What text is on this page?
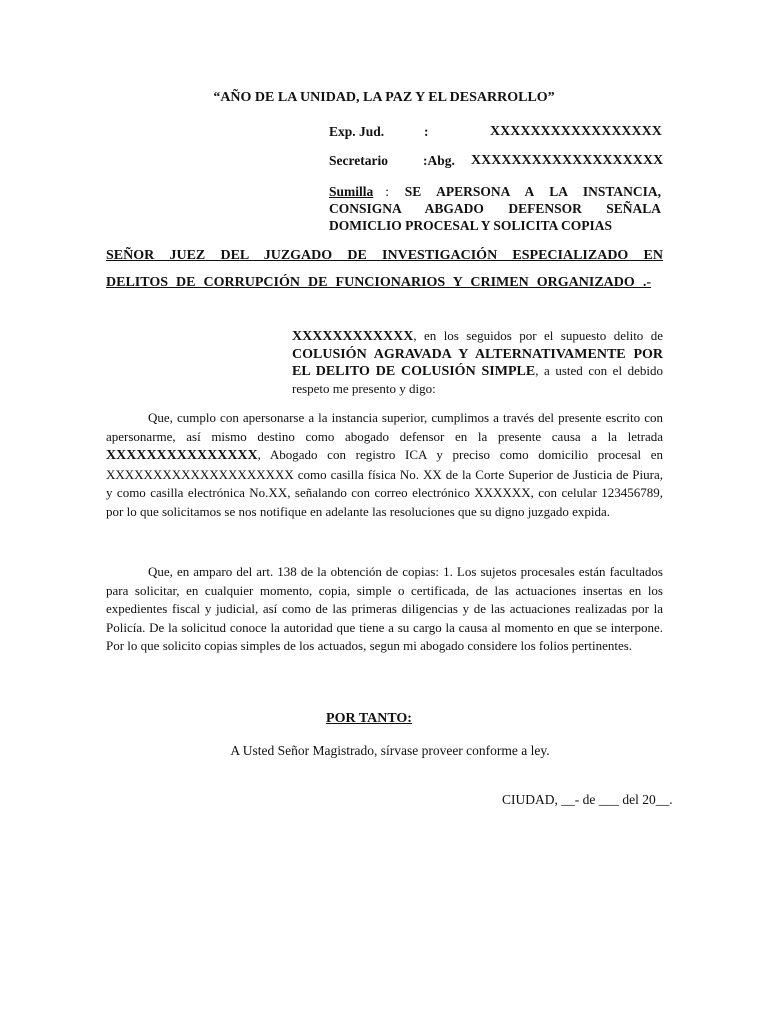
“AÑO DE LA UNIDAD, LA PAZ Y EL DESARROLLO”
Exp. Jud.	:	XXXXXXXXXXXXXXXXX
Secretario	:Abg. XXXXXXXXXXXXXXXXXXX
Sumilla : SE APERSONA A LA INSTANCIA, CONSIGNA ABGADO DEFENSOR SEÑALA DOMICLIO PROCESAL Y SOLICITA COPIAS
SEÑOR JUEZ DEL JUZGADO DE INVESTIGACIÓN ESPECIALIZADO EN
DELITOS DE CORRUPCIÓN DE FUNCIONARIOS Y CRIMEN ORGANIZADO .-
XXXXXXXXXXXX, en los seguidos por el supuesto delito de COLUSIÓN AGRAVADA Y ALTERNATIVAMENTE POR EL DELITO DE COLUSIÓN SIMPLE, a usted con el debido respeto me presento y digo:
Que, cumplo con apersonarse a la instancia superior, cumplimos a través del presente escrito con apersonarme, así mismo destino como abogado defensor en la presente causa a la letrada XXXXXXXXXXXXXXX, Abogado con registro ICA y preciso como domicilio procesal en XXXXXXXXXXXXXXXXXXXX como casilla física No. XX de la Corte Superior de Justicia de Piura, y como casilla electrónica No.XX, señalando con correo electrónico XXXXXX, con celular 123456789, por lo que solicitamos se nos notifique en adelante las resoluciones que su digno juzgado expida.
Que, en amparo del art. 138 de la obtención de copias: 1. Los sujetos procesales están facultados para solicitar, en cualquier momento, copia, simple o certificada, de las actuaciones insertas en los expedientes fiscal y judicial, así como de las primeras diligencias y de las actuaciones realizadas por la Policía. De la solicitud conoce la autoridad que tiene a su cargo la causa al momento en que se interpone. Por lo que solicito copias simples de los actuados, segun mi abogado considere los folios pertinentes.
POR TANTO:
A Usted Señor Magistrado, sírvase proveer conforme a ley.
CIUDAD, __- de ___ del 20__.
